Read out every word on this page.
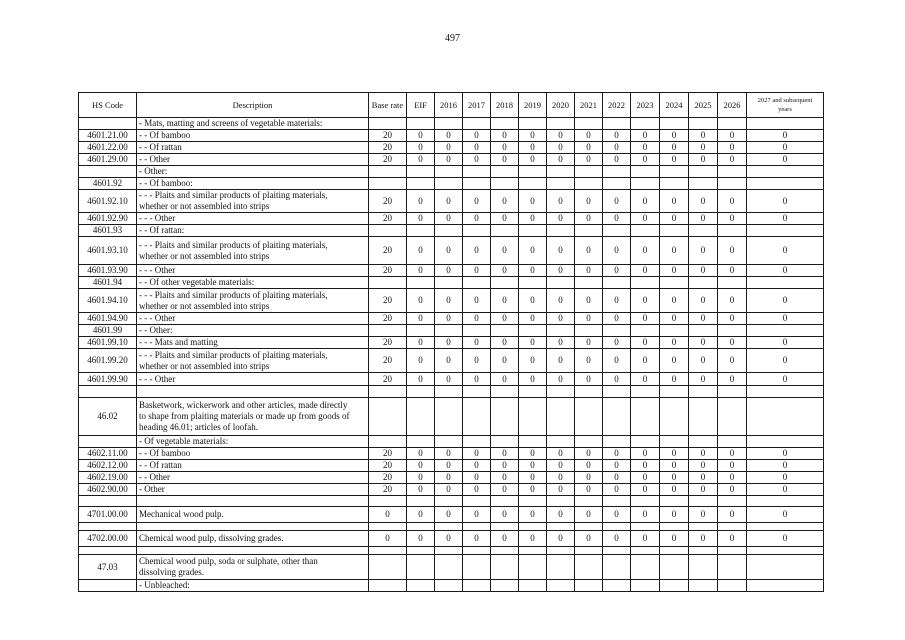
497
HS Code	Description	Base rate	EIF	2016	2017	2018	2019	2020	2021	2022	2023	2024	2025	2026	2027 and subsequent years

	- Mats, matting and screens of vegetable materials:														

4601.21.00	- - Of bamboo	20	0	0	0	0	0	0	0	0	0	0	0	0	0
4601.22.00	- - Of rattan	20	0	0	0	0	0	0	0	0	0	0	0	0	0
4601.29.00	- - Other	20	0	0	0	0	0	0	0	0	0	0	0	0	0

	- Other:														

4601.92	- - Of bamboo:														

4601.92.10	- - - Plaits and similar products of plaiting materials,
whether or not assembled into strips	20	0	0	0	0	0	0	0	0	0	0	0	0	0
4601.92.90	- - - Other	20	0	0	0	0	0	0	0	0	0	0	0	0	0
4601.93	- - Of rattan:														

4601.93.10	- - - Plaits and similar products of plaiting materials,
whether or not assembled into strips	20	0	0	0	0	0	0	0	0	0	0	0	0	0
4601.93.90	- - - Other	20	0	0	0	0	0	0	0	0	0	0	0	0	0
4601.94	- - Of other vegetable materials:														

4601.94.10	- - - Plaits and similar products of plaiting materials,
whether or not assembled into strips	20	0	0	0	0	0	0	0	0	0	0	0	0	0
4601.94.90	- - - Other	20	0	0	0	0	0	0	0	0	0	0	0	0	0
4601.99	- - Other:														

4601.99.10	- - - Mats and matting	20	0	0	0	0	0	0	0	0	0	0	0	0	0
4601.99.20	- - - Plaits and similar products of plaiting materials,
whether or not assembled into strips	20	0	0	0	0	0	0	0	0	0	0	0	0	0
4601.99.90	- - - Other	20	0	0	0	0	0	0	0	0	0	0	0	0	0

46.02	Basketwork, wickerwork and other articles, made directly
to shape from plaiting materials or made up from goods of
heading 46.01; articles of loofah.														

	- Of vegetable materials:														

4602.11.00	- - Of bamboo	20	0	0	0	0	0	0	0	0	0	0	0	0	0
4602.12.00	- - Of rattan	20	0	0	0	0	0	0	0	0	0	0	0	0	0
4602.19.00	- - Other	20	0	0	0	0	0	0	0	0	0	0	0	0	0
4602.90.00	- Other	20	0	0	0	0	0	0	0	0	0	0	0	0	0

4701.00.00	Mechanical wood pulp.	0	0	0	0	0	0	0	0	0	0	0	0	0	0

4702.00.00	Chemical wood pulp, dissolving grades.	0	0	0	0	0	0	0	0	0	0	0	0	0	0

47.03	Chemical wood pulp, soda or sulphate, other than
dissolving grades.														

	- Unbleached:														
